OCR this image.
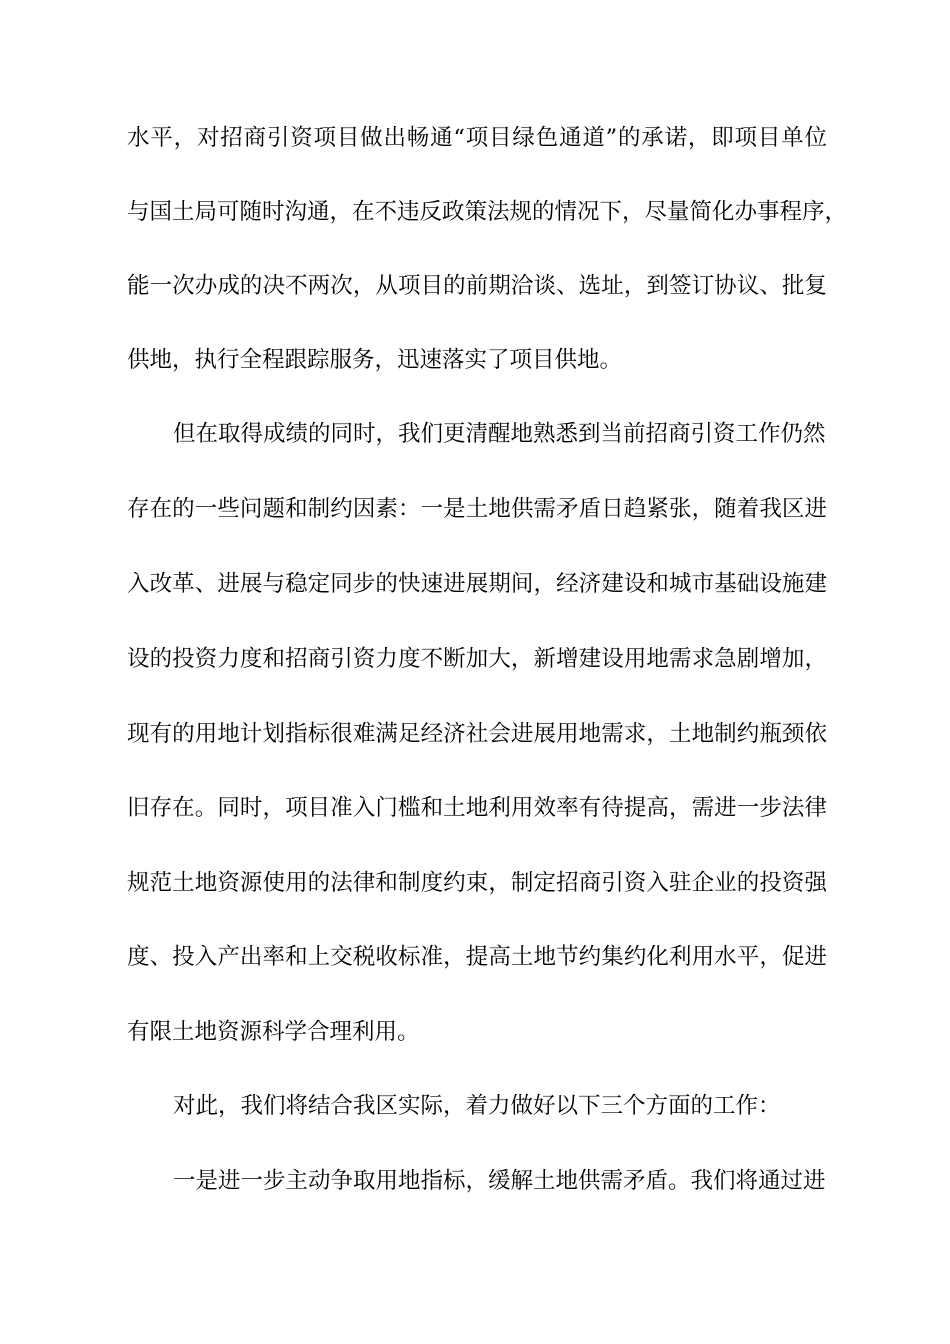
水平，对招商引资项目做出畅通“项目绿色通道”的承诺，即项目单位
与国土局可随时沟通，在不违反政策法规的情况下，尽量简化办事程序，
能一次办成的决不两次，从项目的前期洽谈、选址，到签订协议、批复
供地，执行全程跟踪服务，迅速落实了项目供地。
但在取得成绩的同时，我们更清醒地熟悉到当前招商引资工作仍然
存在的一些问题和制约因素：一是土地供需矛盾日趋紧张，随着我区进
入改革、进展与稳定同步的快速进展期间，经济建设和城市基础设施建
设的投资力度和招商引资力度不断加大，新增建设用地需求急剧增加，
现有的用地计划指标很难满足经济社会进展用地需求，土地制约瓶颈依
旧存在。同时，项目准入门槛和土地利用效率有待提高，需进一步法律
规范土地资源使用的法律和制度约束，制定招商引资入驻企业的投资强
度、投入产出率和上交税收标准，提高土地节约集约化利用水平，促进
有限土地资源科学合理利用。
对此，我们将结合我区实际，着力做好以下三个方面的工作：
一是进一步主动争取用地指标，缓解土地供需矛盾。我们将通过进
